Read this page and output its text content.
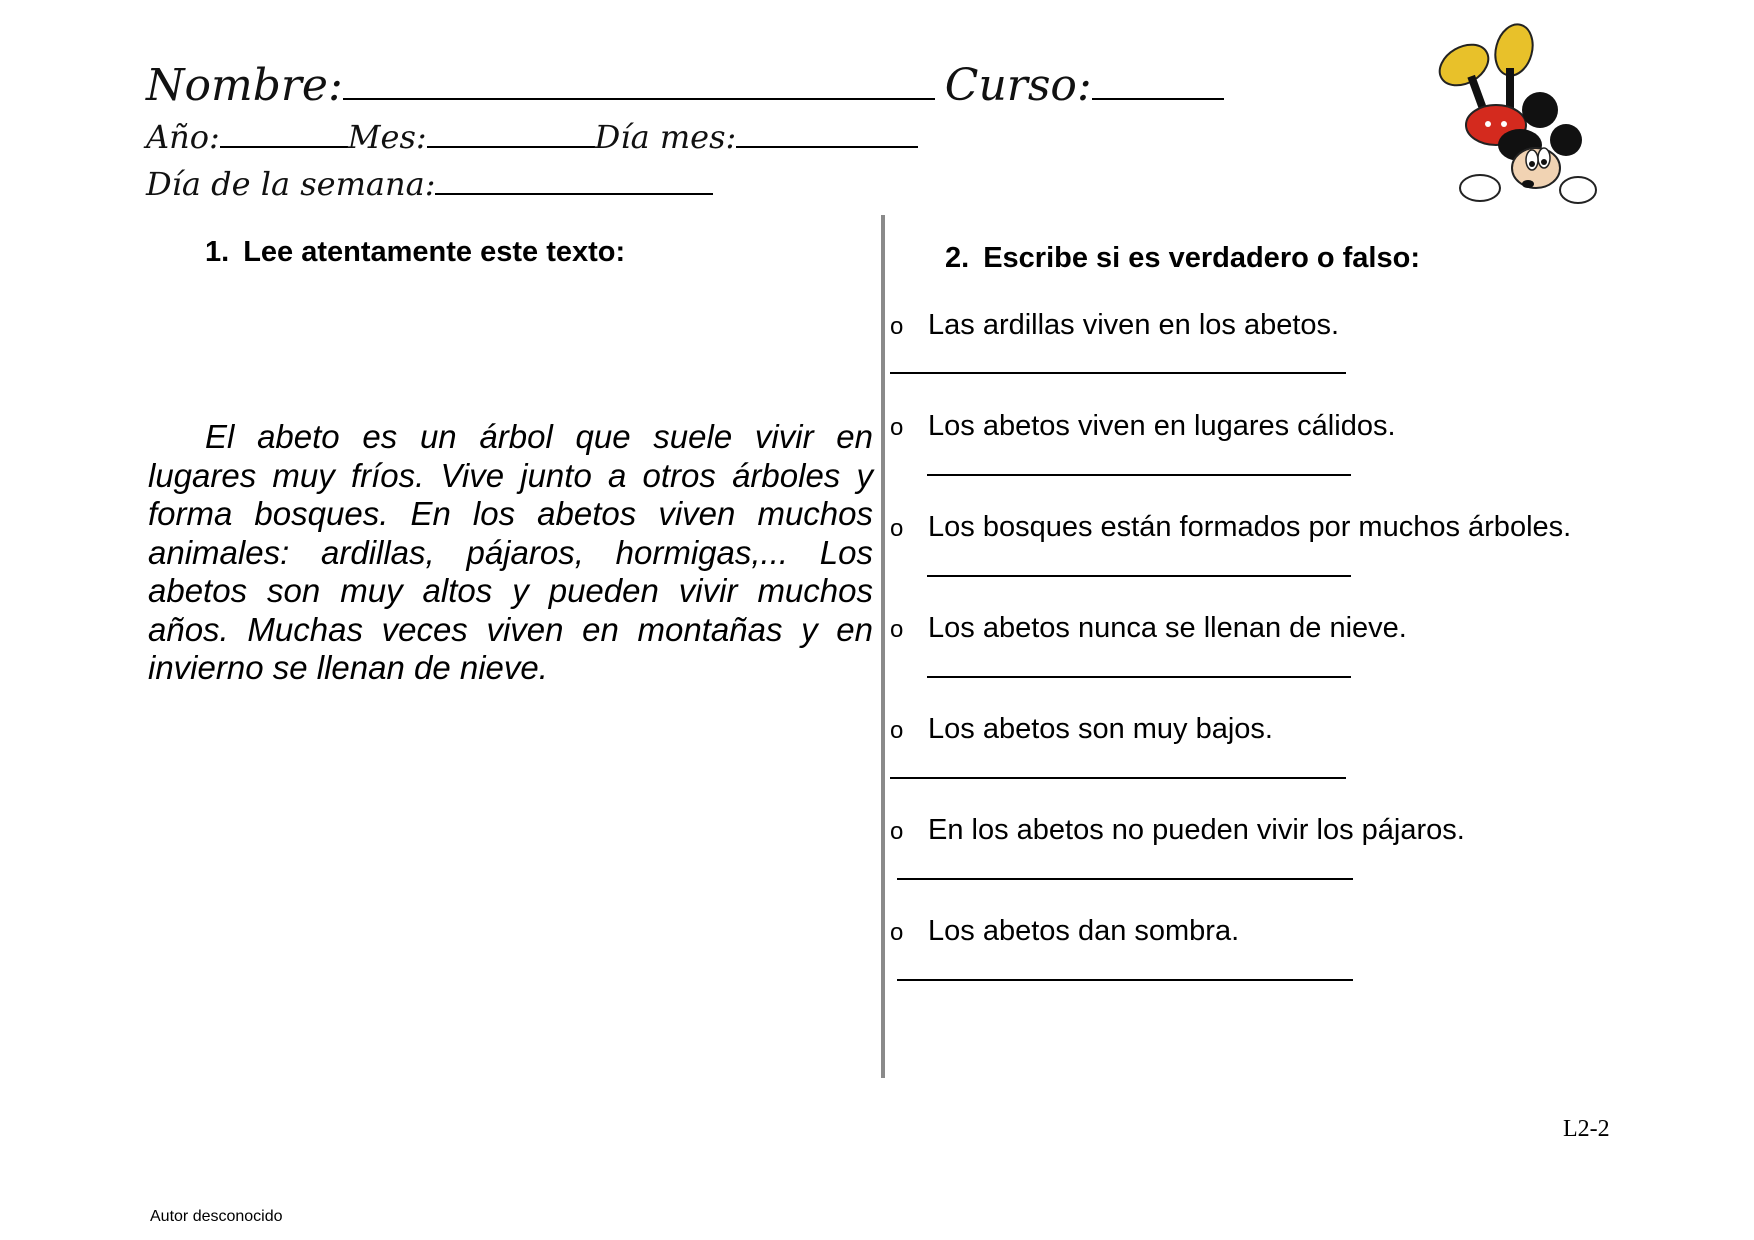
Nombre:	Curso:
Año:	Mes:	Día mes:
Día de la semana:
1. Lee atentamente este texto:
El abeto es un árbol que suele vivir en lugares muy fríos. Vive junto a otros árboles y forma bosques. En los abetos viven muchos animales: ardillas, pájaros, hormigas,... Los abetos son muy altos y pueden vivir muchos años. Muchas veces viven en montañas y en invierno se llenan de nieve.
2. Escribe si es verdadero o falso:
o Las ardillas viven en los abetos.
o Los abetos viven en lugares cálidos.
o Los bosques están formados por muchos árboles.
o Los abetos nunca se llenan de nieve.
o Los abetos son muy bajos.
o En los abetos no pueden vivir los pájaros.
o Los abetos dan sombra.
L2-2
Autor desconocido
